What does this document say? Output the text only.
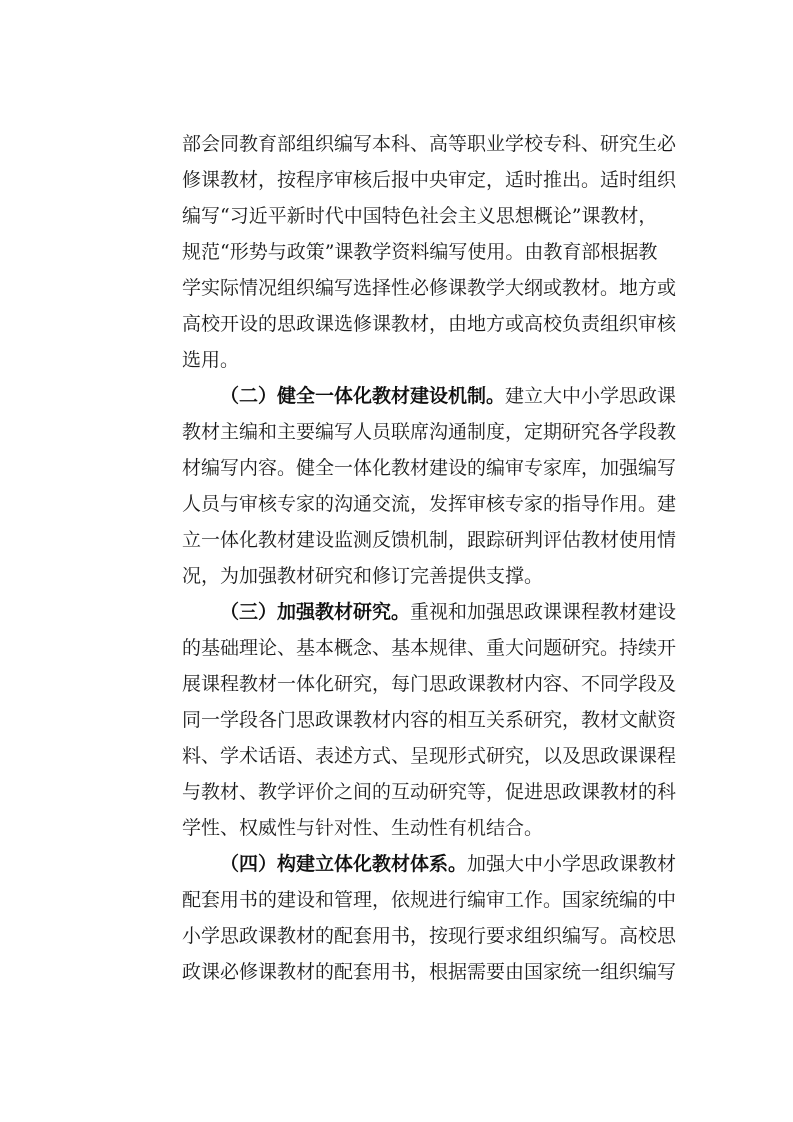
部会同教育部组织编写本科、高等职业学校专科、研究生必
修课教材，按程序审核后报中央审定，适时推出。适时组织
编写“习近平新时代中国特色社会主义思想概论”课教材，
规范“形势与政策”课教学资料编写使用。由教育部根据教
学实际情况组织编写选择性必修课教学大纲或教材。地方或
高校开设的思政课选修课教材，由地方或高校负责组织审核
选用。
（二）健全一体化教材建设机制。建立大中小学思政课
教材主编和主要编写人员联席沟通制度，定期研究各学段教
材编写内容。健全一体化教材建设的编审专家库，加强编写
人员与审核专家的沟通交流，发挥审核专家的指导作用。建
立一体化教材建设监测反馈机制，跟踪研判评估教材使用情
况，为加强教材研究和修订完善提供支撑。
（三）加强教材研究。重视和加强思政课课程教材建设
的基础理论、基本概念、基本规律、重大问题研究。持续开
展课程教材一体化研究，每门思政课教材内容、不同学段及
同一学段各门思政课教材内容的相互关系研究，教材文献资
料、学术话语、表述方式、呈现形式研究，以及思政课课程
与教材、教学评价之间的互动研究等，促进思政课教材的科
学性、权威性与针对性、生动性有机结合。
（四）构建立体化教材体系。加强大中小学思政课教材
配套用书的建设和管理，依规进行编审工作。国家统编的中
小学思政课教材的配套用书，按现行要求组织编写。高校思
政课必修课教材的配套用书，根据需要由国家统一组织编写
